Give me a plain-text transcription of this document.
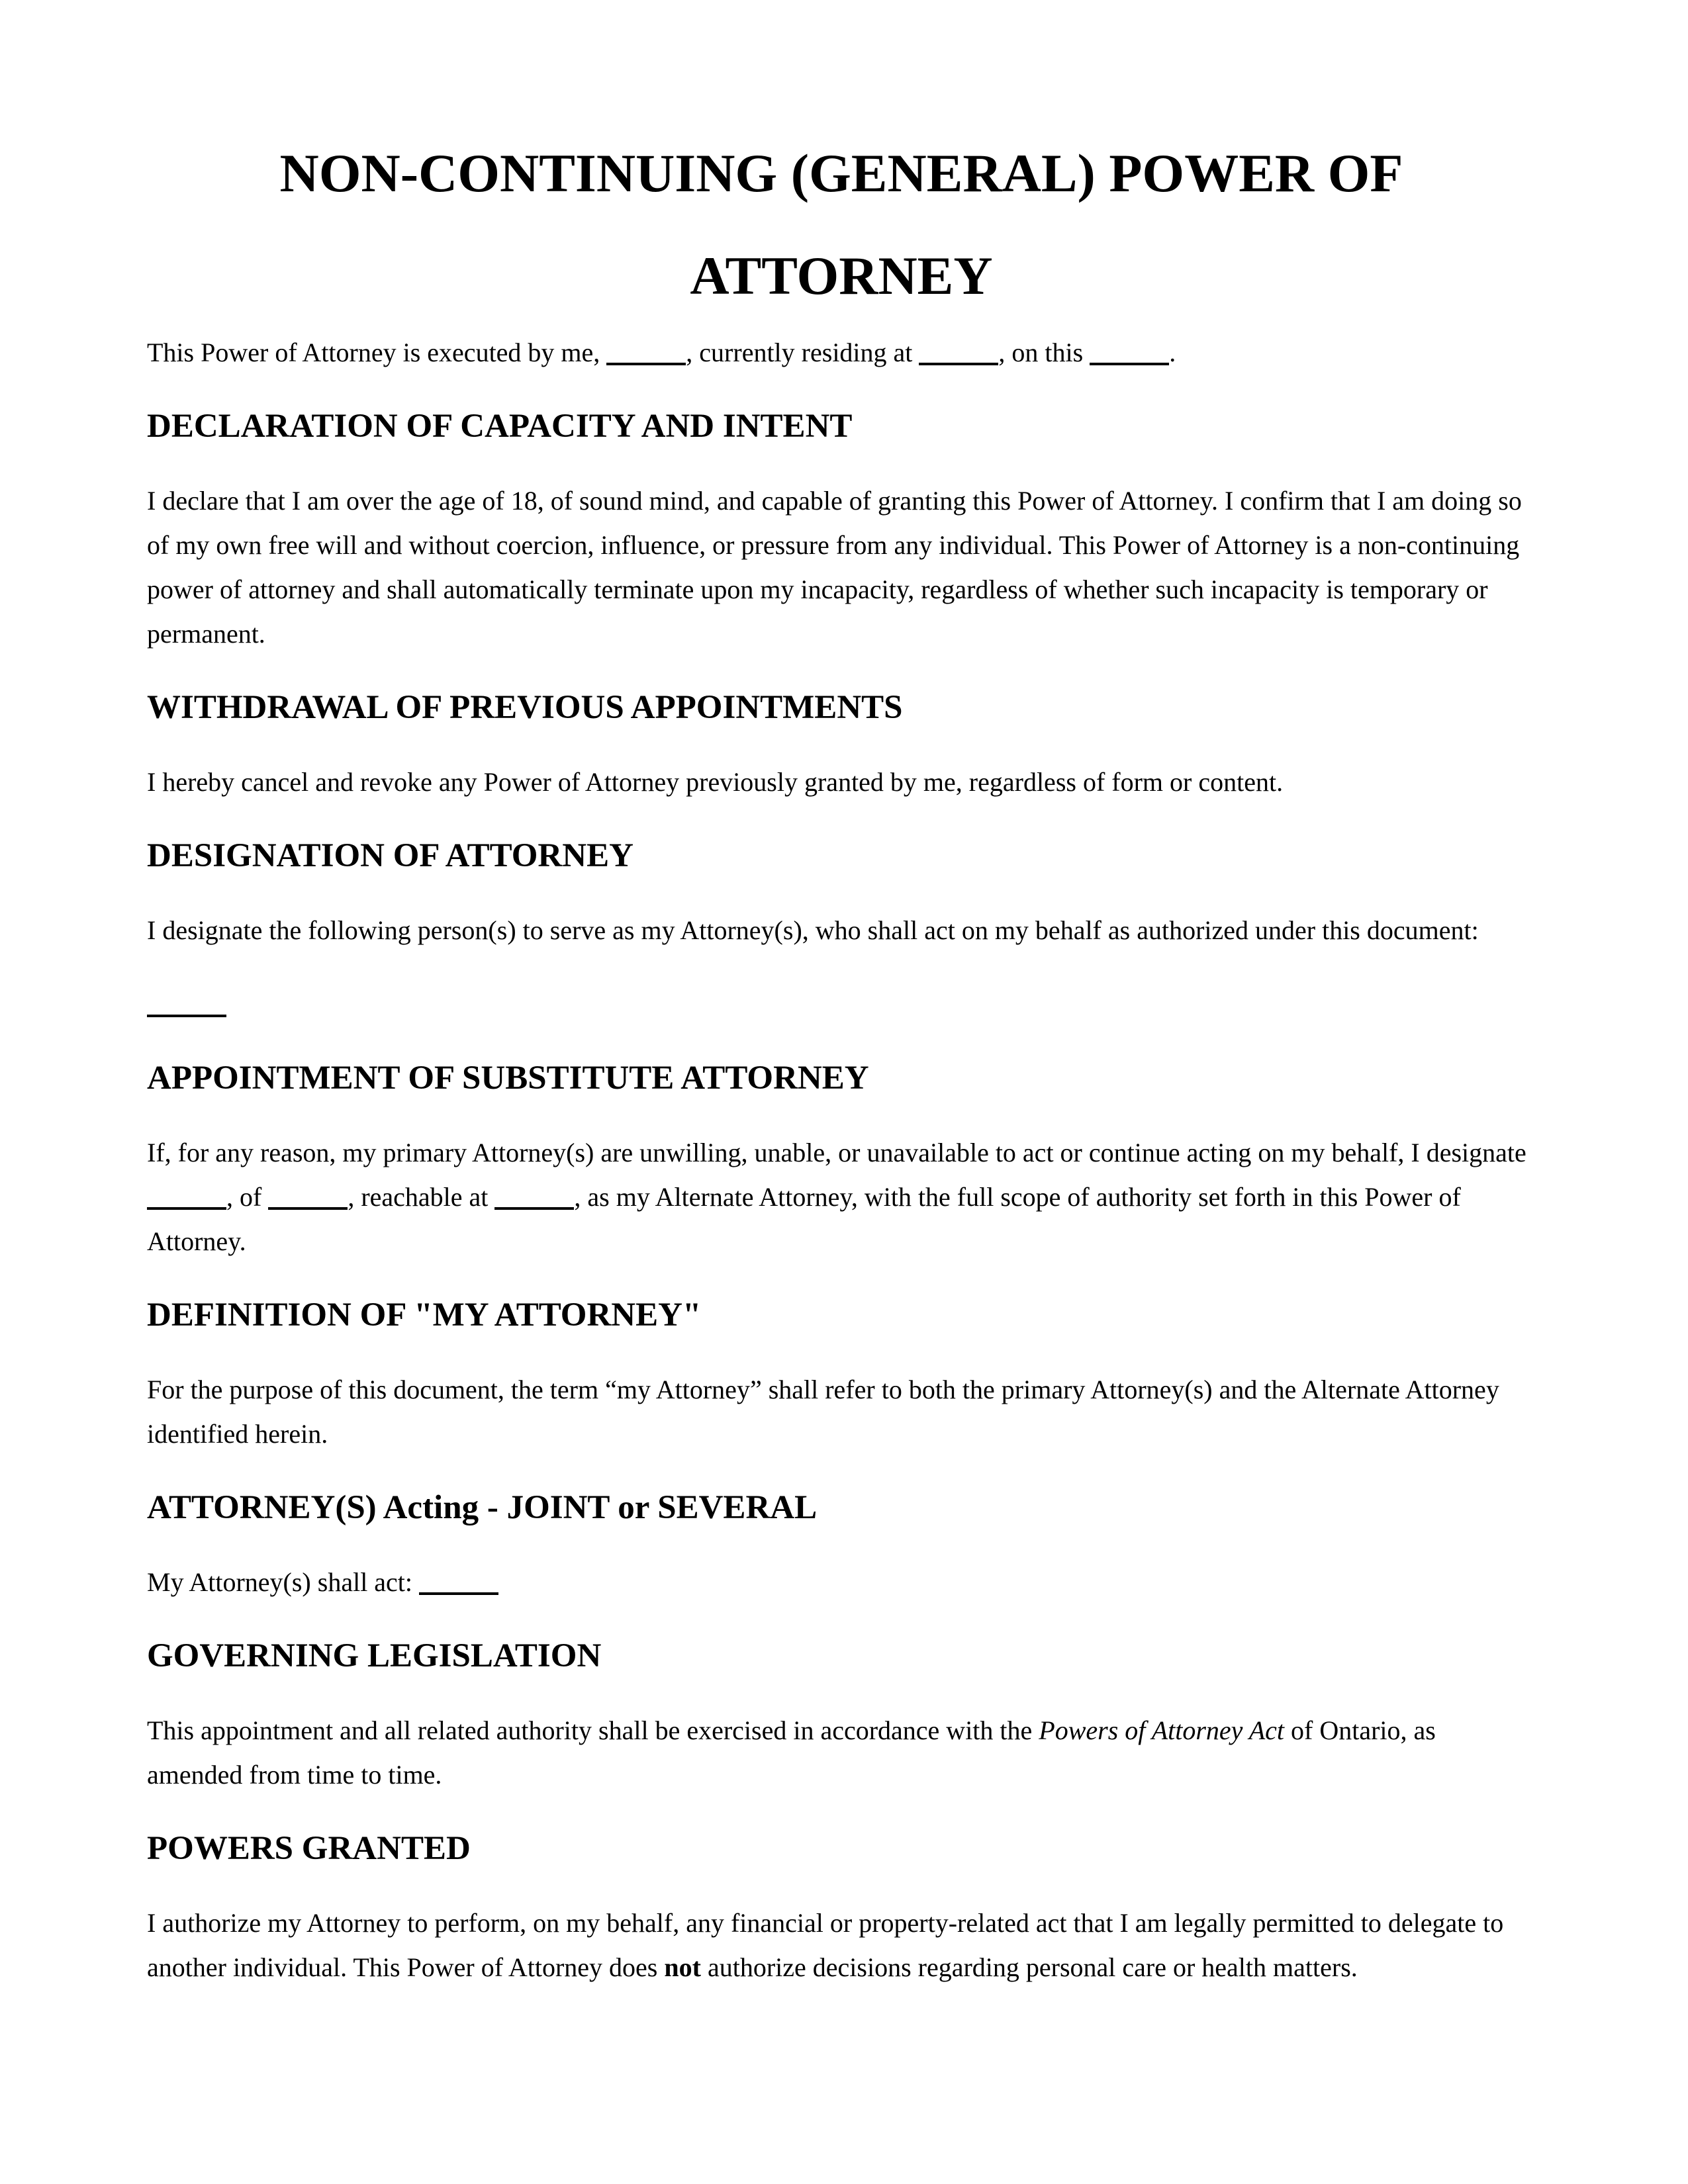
NON-CONTINUING (GENERAL) POWER OF ATTORNEY

This Power of Attorney is executed by me,	, currently residing at	, on this	.

DECLARATION OF CAPACITY AND INTENT

I declare that I am over the age of 18, of sound mind, and capable of granting this Power of Attorney. I confirm that I am doing so of my own free will and without coercion, influence, or pressure from any individual. This Power of Attorney is a non-continuing power of attorney and shall automatically terminate upon my incapacity, regardless of whether such incapacity is temporary or permanent.

WITHDRAWAL OF PREVIOUS APPOINTMENTS

I hereby cancel and revoke any Power of Attorney previously granted by me, regardless of form or content.

DESIGNATION OF ATTORNEY

I designate the following person(s) to serve as my Attorney(s), who shall act on my behalf as authorized under this document:

APPOINTMENT OF SUBSTITUTE ATTORNEY

If, for any reason, my primary Attorney(s) are unwilling, unable, or unavailable to act or continue acting on my behalf, I designate , of	, reachable at	, as my Alternate Attorney, with the full scope of authority set forth in this Power of Attorney.

DEFINITION OF "MY ATTORNEY"

For the purpose of this document, the term “my Attorney” shall refer to both the primary Attorney(s) and the Alternate Attorney identified herein.

ATTORNEY(S) Acting - JOINT or SEVERAL

My Attorney(s) shall act:

GOVERNING LEGISLATION

This appointment and all related authority shall be exercised in accordance with the Powers of Attorney Act of Ontario, as amended from time to time.

POWERS GRANTED

I authorize my Attorney to perform, on my behalf, any financial or property-related act that I am legally permitted to delegate to another individual. This Power of Attorney does not authorize decisions regarding personal care or health matters.
